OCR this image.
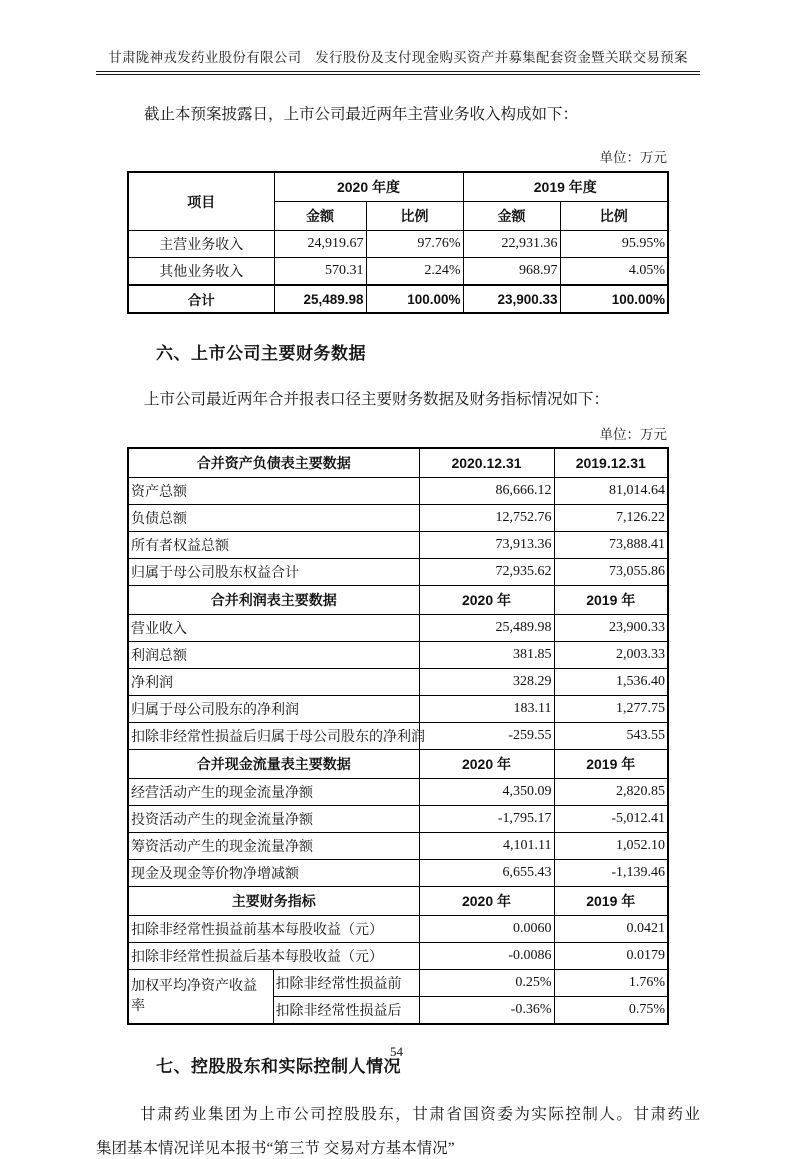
甘肃陇神戎发药业股份有限公司　发行股份及支付现金购买资产并募集配套资金暨关联交易预案

截止本预案披露日，上市公司最近两年主营业务收入构成如下：

单位：万元
项目	2020 年度		2019 年度	
	金额	比例	金额	比例
主营业务收入	24,919.67	97.76%	22,931.36	95.95%
其他业务收入	570.31	2.24%	968.97	4.05%
合计	25,489.98	100.00%	23,900.33	100.00%
六、上市公司主要财务数据

上市公司最近两年合并报表口径主要财务数据及财务指标情况如下：

单位：万元
合并资产负债表主要数据		2020.12.31	2019.12.31
资产总额		86,666.12	81,014.64
负债总额		12,752.76	7,126.22
所有者权益总额		73,913.36	73,888.41
归属于母公司股东权益合计		72,935.62	73,055.86
合并利润表主要数据		2020 年	2019 年
营业收入		25,489.98	23,900.33
利润总额		381.85	2,003.33
净利润		328.29	1,536.40
归属于母公司股东的净利润		183.11	1,277.75
扣除非经常性损益后归属于母公司股东的净利润		-259.55	543.55
合并现金流量表主要数据		2020 年	2019 年
经营活动产生的现金流量净额		4,350.09	2,820.85
投资活动产生的现金流量净额		-1,795.17	-5,012.41
筹资活动产生的现金流量净额		4,101.11	1,052.10
现金及现金等价物净增减额		6,655.43	-1,139.46
主要财务指标		2020 年	2019 年
扣除非经常性损益前基本每股收益（元）		0.0060	0.0421
扣除非经常性损益后基本每股收益（元）		-0.0086	0.0179
加权平均净资产收益率	扣除非经常性损益前	0.25%	1.76%
	扣除非经常性损益后	-0.36%	0.75%
七、控股股东和实际控制人情况
甘肃药业集团为上市公司控股股东，甘肃省国资委为实际控制人。甘肃药业
集团基本情况详见本报书“第三节 交易对方基本情况”
54
